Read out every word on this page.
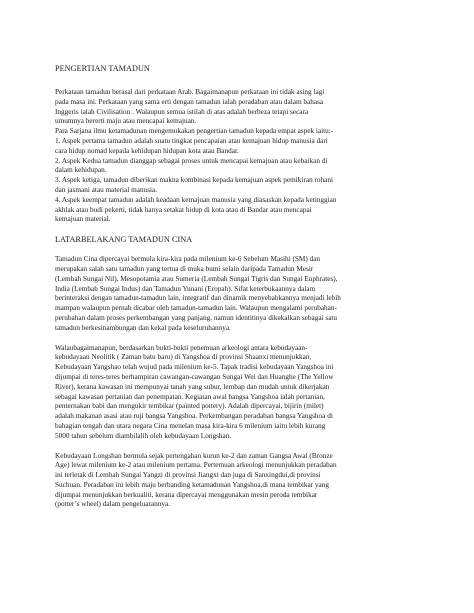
PENGERTIAN TAMADUN

Perkataan tamadun berasal dari perkataan Arab. Bagaimanapun perkataan ini tidak asing lagi
pada masa ini. Perkataan yang sama erti dengan tamadun ialah peradaban atau dalam bahasa
Inggeris ialah Civilisation . Walaupun semua istilah di atas adalah berbeza tetapi secara
umumnya bererti maju atau mencapai kemajuan.
Para Sarjana ilmu ketamadunan mengemukakan pengertian tamadun kepada empat aspek iaitu:-
1. Aspek pertama tamadun adalah suatu tingkat pencapaian atau kemajuan hidup manusia dari
cara hidup nomad kepada kehidupan hidupan kota atau Bandar.
2. Aspek Kedua tamadun dianggap sebagai proses untuk mencapai kemajuan atau kebaikan di
dalam kehidupan.
3. Aspek ketiga, tamadun diberikan makna kombinasi kepada kemajuan aspek pemikiran rohani
dan jasmani atau material manusia.
4. Aspek keempat tamadun adalah keadaan kemajuan manusia yang diasaskan kepada ketinggian
akhlak atau budi pekerti, tidak hanya setakat hidup di kota atau di Bandar atau mencapai
kemajuan material.

LATARBELAKANG TAMADUN CINA

Tamadun Cina dipercayai bermula kira-kira pada milenium ke-6 Sebelum Masihi (SM) dan
merupakan salah satu tamadun yang tertua di muka bumi selain daripada Tamadun Mesir
(Lembah Sungai Nil), Mesopotamia atau Sumeria (Lembah Sungai Tigris dan Sungai Euphrates),
India (Lembah Sungai Indus) dan Tamadun Yunani (Eropah). Sifat keterbukaannya dalam
berinteraksi dengan tamadun-tamadun lain, integratif dan dinamik menyebabkannya menjadi lebih
mampan walaupun pernah dicabar oleh tamadun-tamadun lain. Walaupun mengalami perubahan-
perubahan dalam proses perkembangan yang panjang, namun identitinya dikekalkan sebagai satu
tamadun berkesinambungan dan kekal pada keseluruhannya.
Walaubagaimanapun, berdasarkan bukti-bukti penemuan arkeologi antara kebudayaan-
kebudayaan Neolitik ( Zaman batu baru) di Yangshoa di provinsi Shaanxi menunjukkan,
Kebudayaan Yangshao telah wujud pada milenium ke-5. Tapak tradisi kebudayaan Yangshoa ini
dijumpai di teres-teres berhampiran cawangan-cawangan Sungai Wei dan Huanghe (The Yellow
River), kerana kawasan ini mempunyai tanah yang subur, lembap dan mudah untuk dikerjakan
sebagai kawasan pertanian dan penempatan. Kegiatan awal bangsa Yangshoa ialah pertanian,
penternakan babi dan mengukir tembikar (painted pottery). Adalah dipercayai, bijirin (milet)
adalah makanan asasi atau ruji bangsa Yangshoa. Perkembangan peradaban bangsa Yangshoa di
bahagian tengah dan utara negara Cina menelan masa kira-kira 6 milenium iaitu lebih kurang
5000 tahun sebelum diambilalih oleh kebudayaan Longshan.
Kebudayaan Longshan bermula sejak pertengahan kurun ke-2 dan zaman Gangsa Awal (Bronze
Age) lewat milenium ke-2 atau milenium pertama. Pertemuan arkeologi menunjukkan peradaban
ini terletak di Lembah Sungai Yangzi di provinsi Jiangxi dan juga di Sanxingdui,di provinsi
Suchuan. Peradaban ini lebih maju berbanding ketamadunan Yangshoa,di mana tembikar yang
dijumpai menunjukkan berkualiti, kerana dipercayai menggunakan mesin peroda tembikar
(potter’s wheel) dalam pengeluarannya.
